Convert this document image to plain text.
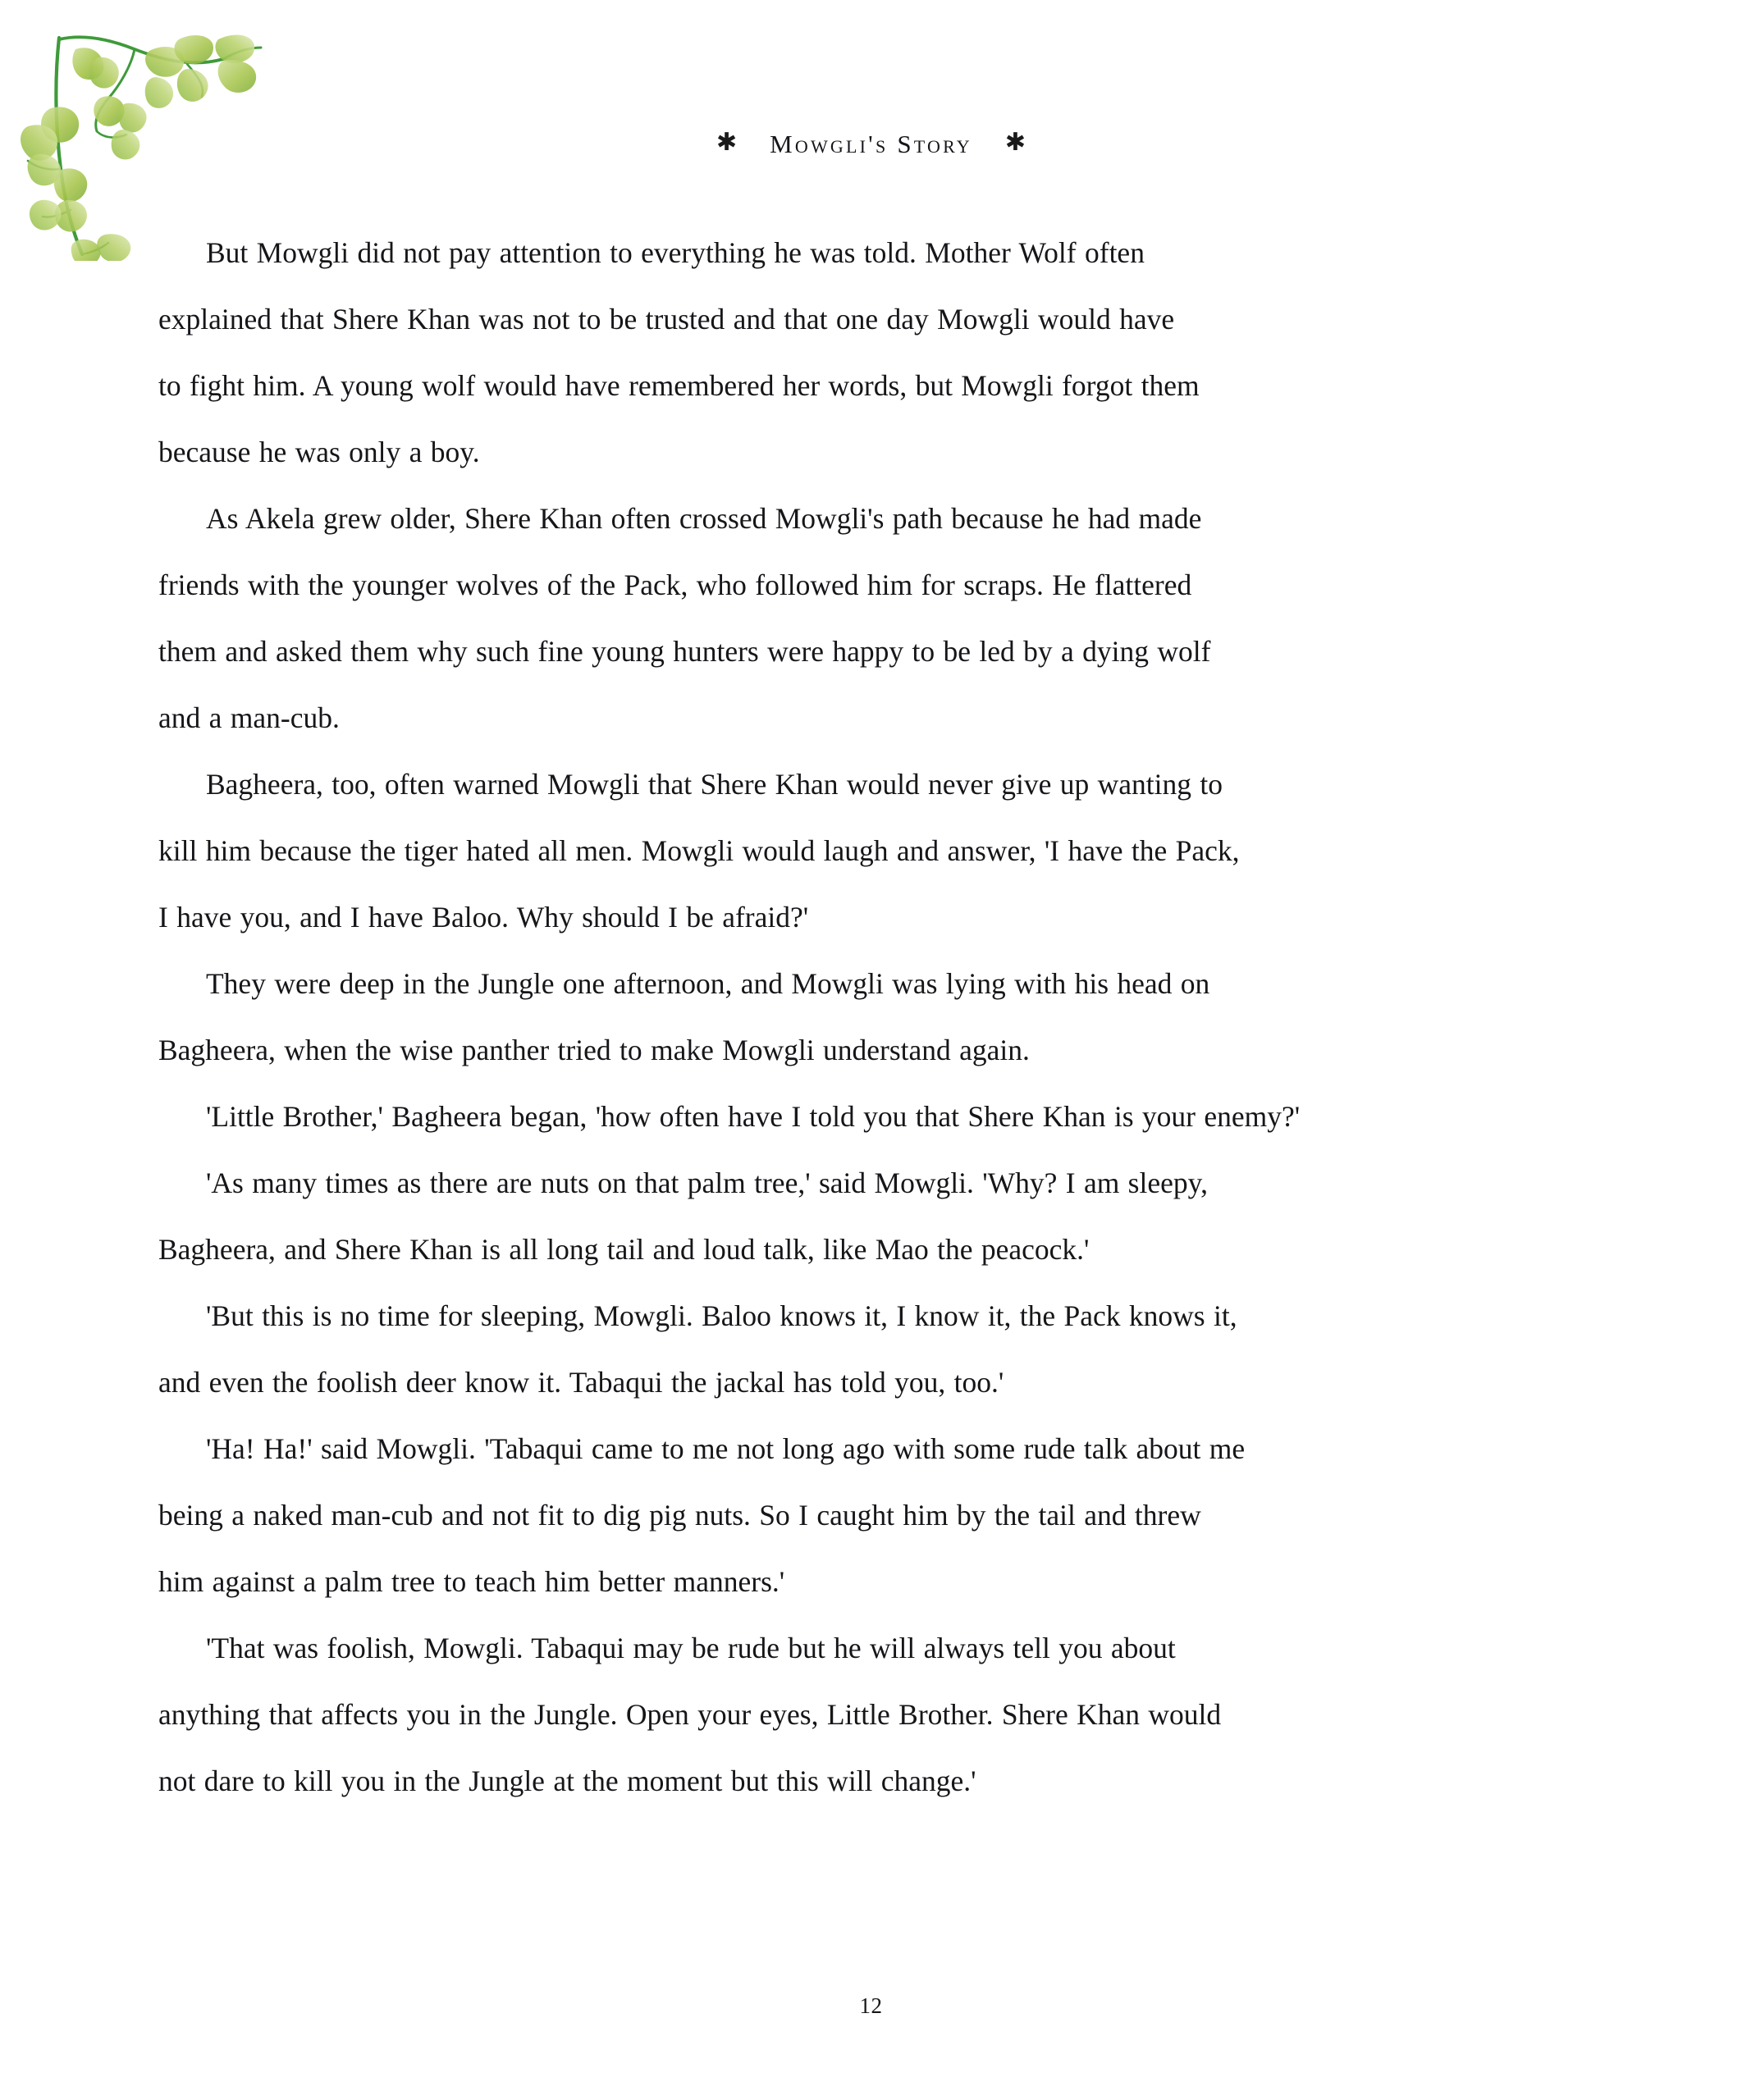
✱ Mowgli's Story ✱

But Mowgli did not pay attention to everything he was told. Mother Wolf often
explained that Shere Khan was not to be trusted and that one day Mowgli would have
to fight him. A young wolf would have remembered her words, but Mowgli forgot them
because he was only a boy.

As Akela grew older, Shere Khan often crossed Mowgli's path because he had made
friends with the younger wolves of the Pack, who followed him for scraps. He flattered
them and asked them why such fine young hunters were happy to be led by a dying wolf
and a man-cub.

Bagheera, too, often warned Mowgli that Shere Khan would never give up wanting to
kill him because the tiger hated all men. Mowgli would laugh and answer, 'I have the Pack,
I have you, and I have Baloo. Why should I be afraid?'

They were deep in the Jungle one afternoon, and Mowgli was lying with his head on
Bagheera, when the wise panther tried to make Mowgli understand again.

'Little Brother,' Bagheera began, 'how often have I told you that Shere Khan is your enemy?'

'As many times as there are nuts on that palm tree,' said Mowgli. 'Why? I am sleepy,
Bagheera, and Shere Khan is all long tail and loud talk, like Mao the peacock.'

'But this is no time for sleeping, Mowgli. Baloo knows it, I know it, the Pack knows it,
and even the foolish deer know it. Tabaqui the jackal has told you, too.'

'Ha! Ha!' said Mowgli. 'Tabaqui came to me not long ago with some rude talk about me
being a naked man-cub and not fit to dig pig nuts. So I caught him by the tail and threw
him against a palm tree to teach him better manners.'

'That was foolish, Mowgli. Tabaqui may be rude but he will always tell you about
anything that affects you in the Jungle. Open your eyes, Little Brother. Shere Khan would
not dare to kill you in the Jungle at the moment but this will change.'

12
